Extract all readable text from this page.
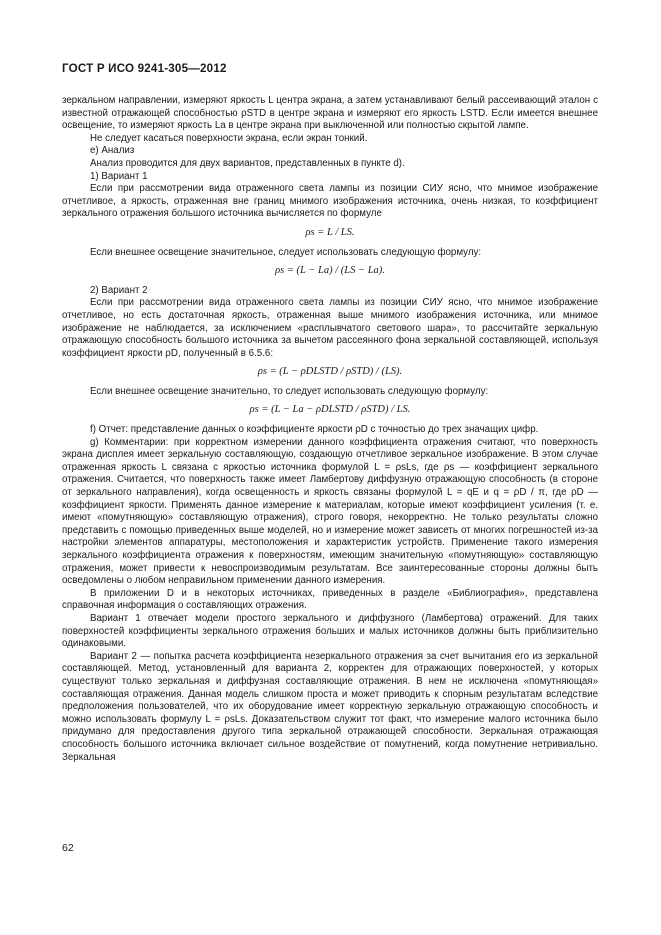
ГОСТ Р ИСО 9241-305—2012

зеркальном направлении, измеряют яркость L центра экрана, а затем устанавливают белый рассеивающий эталон с известной отражающей способностью ρSTD в центре экрана и измеряют его яркость LSTD. Если имеется внешнее освещение, то измеряют яркость La в центре экрана при выключенной или полностью скрытой лампе.

Не следует касаться поверхности экрана, если экран тонкий.

e) Анализ

Анализ проводится для двух вариантов, представленных в пункте d).

1) Вариант 1

Если при рассмотрении вида отраженного света лампы из позиции СИУ ясно, что мнимое изображение отчетливое, а яркость, отраженная вне границ мнимого изображения источника, очень низкая, то коэффициент зеркального отражения большого источника вычисляется по формуле

ρs = L / LS.

Если внешнее освещение значительное, следует использовать следующую формулу:

ρs = (L − La) / (LS − La).

2) Вариант 2

Если при рассмотрении вида отраженного света лампы из позиции СИУ ясно, что мнимое изображение отчетливое, но есть достаточная яркость, отраженная выше мнимого изображения источника, или мнимое изображение не наблюдается, за исключением «расплывчатого светового шара», то рассчитайте зеркальную отражающую способность большого источника за вычетом рассеянного фона зеркальной составляющей, используя коэффициент яркости ρD, полученный в 6.5.6:

ρs = (L − ρDLSTD / ρSTD) / (LS).

Если внешнее освещение значительно, то следует использовать следующую формулу:

ρs = (L − La − ρDLSTD / ρSTD) / LS.

f) Отчет: представление данных о коэффициенте яркости ρD с точностью до трех значащих цифр.

g) Комментарии: при корректном измерении данного коэффициента отражения считают, что поверхность экрана дисплея имеет зеркальную составляющую, создающую отчетливое зеркальное изображение. В этом случае отраженная яркость L связана с яркостью источника формулой L = ρsLs, где ρs — коэффициент зеркального отражения. Считается, что поверхность также имеет Ламбертову диффузную отражающую способность (в стороне от зеркального направления), когда освещенность и яркость связаны формулой L = qE и q = ρD / π, где ρD — коэффициент яркости. Применять данное измерение к материалам, которые имеют коэффициент усиления (т. е. имеют «помутняющую» составляющую отражения), строго говоря, некорректно. Не только результаты сложно представить с помощью приведенных выше моделей, но и измерение может зависеть от многих погрешностей из-за настройки элементов аппаратуры, местоположения и характеристик устройств. Применение такого измерения зеркального коэффициента отражения к поверхностям, имеющим значительную «помутняющую» составляющую отражения, может привести к невоспроизводимым результатам. Все заинтересованные стороны должны быть осведомлены о любом неправильном применении данного измерения.

В приложении D и в некоторых источниках, приведенных в разделе «Библиография», представлена справочная информация о составляющих отражения.

Вариант 1 отвечает модели простого зеркального и диффузного (Ламбертова) отражений. Для таких поверхностей коэффициенты зеркального отражения больших и малых источников должны быть приблизительно одинаковыми.

Вариант 2 — попытка расчета коэффициента незеркального отражения за счет вычитания его из зеркальной составляющей. Метод, установленный для варианта 2, корректен для отражающих поверхностей, у которых существуют только зеркальная и диффузная составляющие отражения. В нем не исключена «помутняющая» составляющая отражения. Данная модель слишком проста и может приводить к спорным результатам вследствие предположения пользователей, что их оборудование имеет корректную зеркальную отражающую способность и можно использовать формулу L = ρsLs. Доказательством служит тот факт, что измерение малого источника было придумано для предоставления другого типа зеркальной отражающей способности. Зеркальная отражающая способность большого источника включает сильное воздействие от помутнений, когда помутнение нетривиально. Зеркальная

62
